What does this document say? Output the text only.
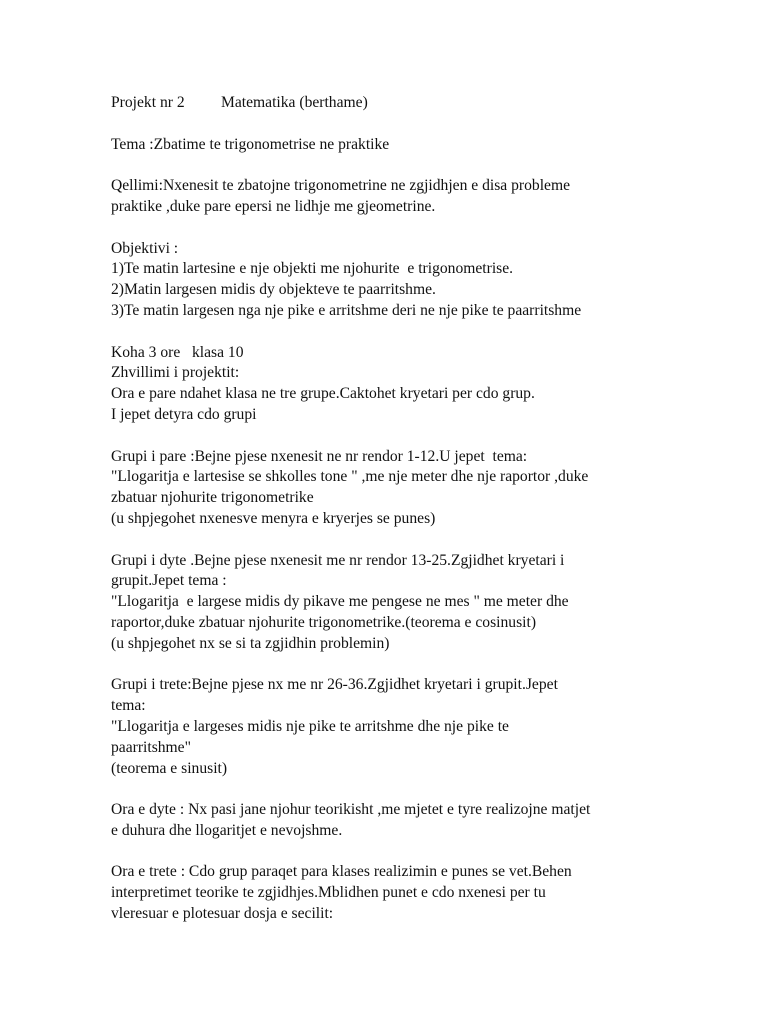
Projekt nr 2 Matematika (berthame)
Tema :Zbatime te trigonometrise ne praktike
Qellimi:Nxenesit te zbatojne trigonometrine ne zgjidhjen e disa probleme
praktike ,duke pare epersi ne lidhje me gjeometrine.
Objektivi :
1)Te matin lartesine e nje objekti me njohurite  e trigonometrise.
2)Matin largesen midis dy objekteve te paarritshme.
3)Te matin largesen nga nje pike e arritshme deri ne nje pike te paarritshme
Koha 3 ore   klasa 10
Zhvillimi i projektit:
Ora e pare ndahet klasa ne tre grupe.Caktohet kryetari per cdo grup.
I jepet detyra cdo grupi
Grupi i pare :Bejne pjese nxenesit ne nr rendor 1-12.U jepet  tema:
"Llogaritja e lartesise se shkolles tone " ,me nje meter dhe nje raportor ,duke
zbatuar njohurite trigonometrike
(u shpjegohet nxenesve menyra e kryerjes se punes)
Grupi i dyte .Bejne pjese nxenesit me nr rendor 13-25.Zgjidhet kryetari i
grupit.Jepet tema :
"Llogaritja  e largese midis dy pikave me pengese ne mes " me meter dhe
raportor,duke zbatuar njohurite trigonometrike.(teorema e cosinusit)
(u shpjegohet nx se si ta zgjidhin problemin)
Grupi i trete:Bejne pjese nx me nr 26-36.Zgjidhet kryetari i grupit.Jepet
tema:
"Llogaritja e largeses midis nje pike te arritshme dhe nje pike te
paarritshme"
(teorema e sinusit)
Ora e dyte : Nx pasi jane njohur teorikisht ,me mjetet e tyre realizojne matjet
e duhura dhe llogaritjet e nevojshme.
Ora e trete : Cdo grup paraqet para klases realizimin e punes se vet.Behen
interpretimet teorike te zgjidhjes.Mblidhen punet e cdo nxenesi per tu
vleresuar e plotesuar dosja e secilit:
